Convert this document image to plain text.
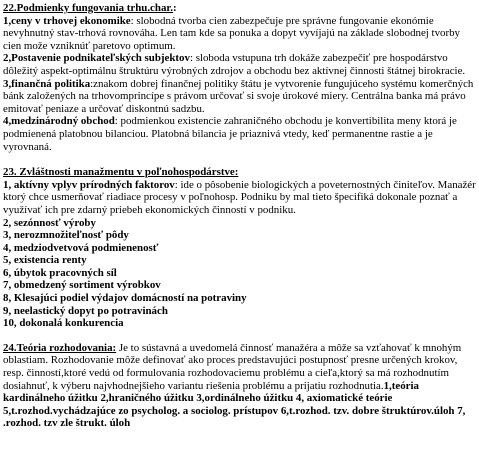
22.Podmienky fungovania trhu.char.:

1,ceny v trhovej ekonomike: slobodná tvorba cien zabezpečuje pre správne fungovanie ekonómie nevyhnutný stav-trhová rovnováha. Len tam kde sa ponuka a dopyt vyvíjajú na základe slobodnej tvorby cien može vzniknúť paretovo optimum.

2,Postavenie podnikateľských subjektov: sloboda vstupuna trh dokáže zabezpečiť pre hospodárstvo dôležitý aspekt-optimálnu štruktúru výrobných zdrojov a obchodu bez aktívnej činnosti štátnej birokracie.

3,finančná politika:znakom dobrej finančnej politiky štátu je vytvorenie fungujúceho systému komerčných bánk založených na trhovomprincípe s právom určovať si svoje úrokové miery. Centrálna banka má právo emitovať peniaze a určovať diskontnú sadzbu.

4,medzinárodný obchod: podmienkou existencie zahraničného obchodu je konvertibilita meny ktorá je podmienená platobnou bilanciou. Platobná bilancia je priaznivá vtedy, keď permanentne rastie a je vyrovnaná.

23. Zvláštnosti manažmentu v poľnohospodárstve:

1, aktívny vplyv prírodných faktorov: ide o pôsobenie biologických a poveternostných činiteľov. Manažér ktorý chce usmerňovať riadiace procesy v poľnohosp. Podniku by mal tieto špecifiká dokonale poznať a využívať ich pre zdarný priebeh ekonomických činností v podniku.

2, sezónnosť výroby

3, nerozmnožiteľnosť pôdy

4, medziodvetvová podmienenosť

5, existencia renty

6, úbytok pracovných síl

7, obmedzený sortiment výrobkov

8, Klesajúci podiel výdajov domácností na potraviny

9, neelastický dopyt po potravinách

10, dokonalá konkurencia

24.Teória rozhodovania: Je to sústavná a uvedomelá činnosť manažéra a môže sa vzťahovať k mnohým oblastiam. Rozhodovanie môže definovať ako proces predstavujúci postupnosť presne určených krokov, resp. činností,ktoré vedú od formulovania rozhodovaciemu problému a cieľa,ktorý sa má rozhodnutím dosiahnuť, k výberu najvhodnejšieho variantu riešenia problému a prijatiu rozhodnutia.1,teória kardinálneho úžitku 2,hraničného úžitku 3,ordinálneho úžitku 4, axiomatické teórie 5,t.rozhod.vychádzajúce zo psycholog. a sociolog. prístupov 6,t.rozhod. tzv. dobre štruktúrov.úloh 7, .rozhod. tzv zle štrukt. úloh
